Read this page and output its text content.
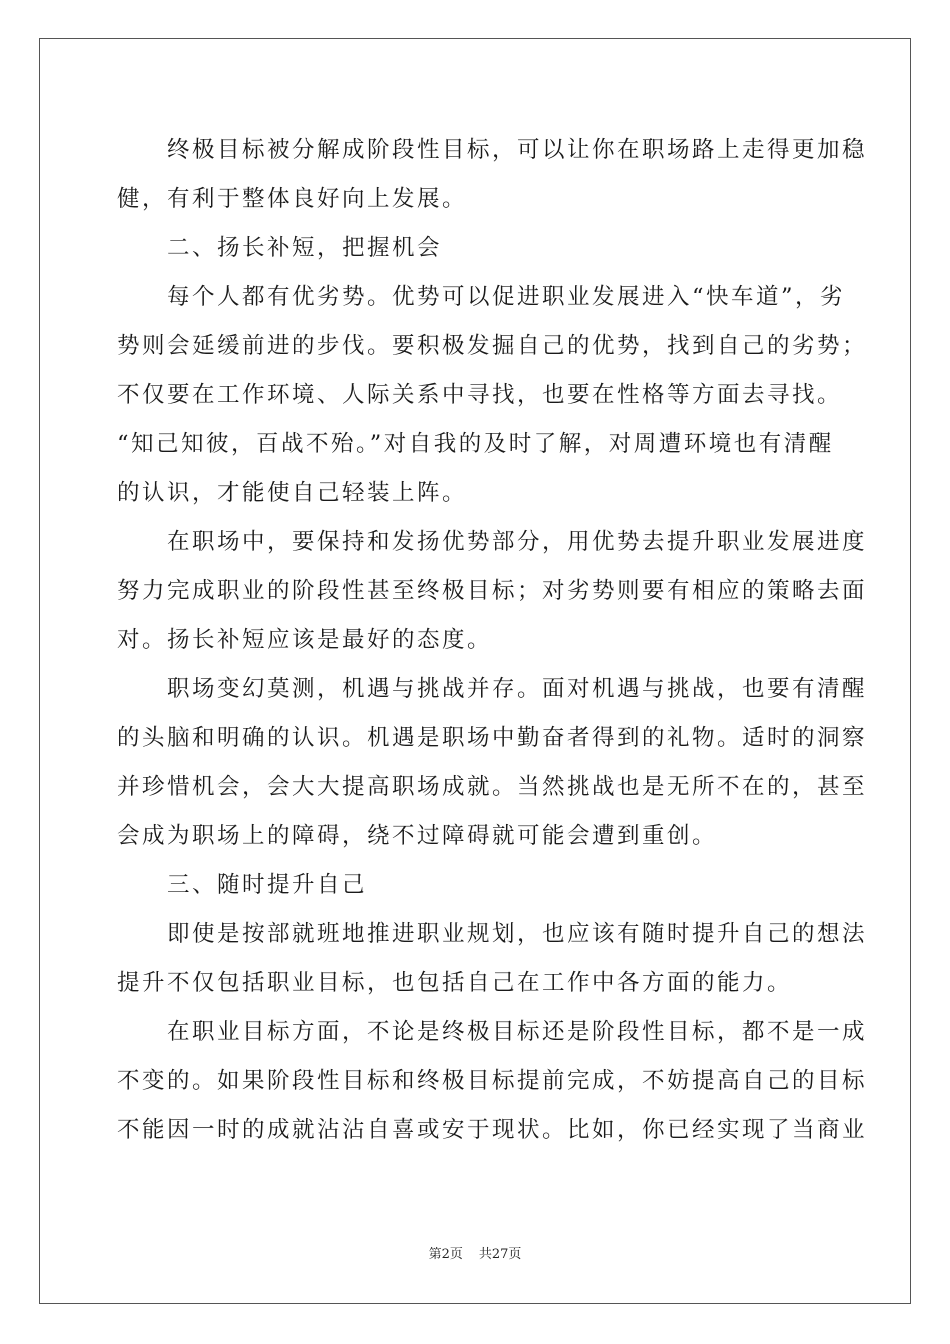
终极目标被分解成阶段性目标，可以让你在职场路上走得更加稳
健，有利于整体良好向上发展。
二、扬长补短，把握机会
每个人都有优劣势。优势可以促进职业发展进入“快车道”，劣
势则会延缓前进的步伐。要积极发掘自己的优势，找到自己的劣势；
不仅要在工作环境、人际关系中寻找，也要在性格等方面去寻找。
“知己知彼，百战不殆。”对自我的及时了解，对周遭环境也有清醒
的认识，才能使自己轻装上阵。
在职场中，要保持和发扬优势部分，用优势去提升职业发展进度
努力完成职业的阶段性甚至终极目标；对劣势则要有相应的策略去面
对。扬长补短应该是最好的态度。
职场变幻莫测，机遇与挑战并存。面对机遇与挑战，也要有清醒
的头脑和明确的认识。机遇是职场中勤奋者得到的礼物。适时的洞察
并珍惜机会，会大大提高职场成就。当然挑战也是无所不在的，甚至
会成为职场上的障碍，绕不过障碍就可能会遭到重创。
三、随时提升自己
即使是按部就班地推进职业规划，也应该有随时提升自己的想法
提升不仅包括职业目标，也包括自己在工作中各方面的能力。
在职业目标方面，不论是终极目标还是阶段性目标，都不是一成
不变的。如果阶段性目标和终极目标提前完成，不妨提高自己的目标
不能因一时的成就沾沾自喜或安于现状。比如，你已经实现了当商业
第2页 共27页
